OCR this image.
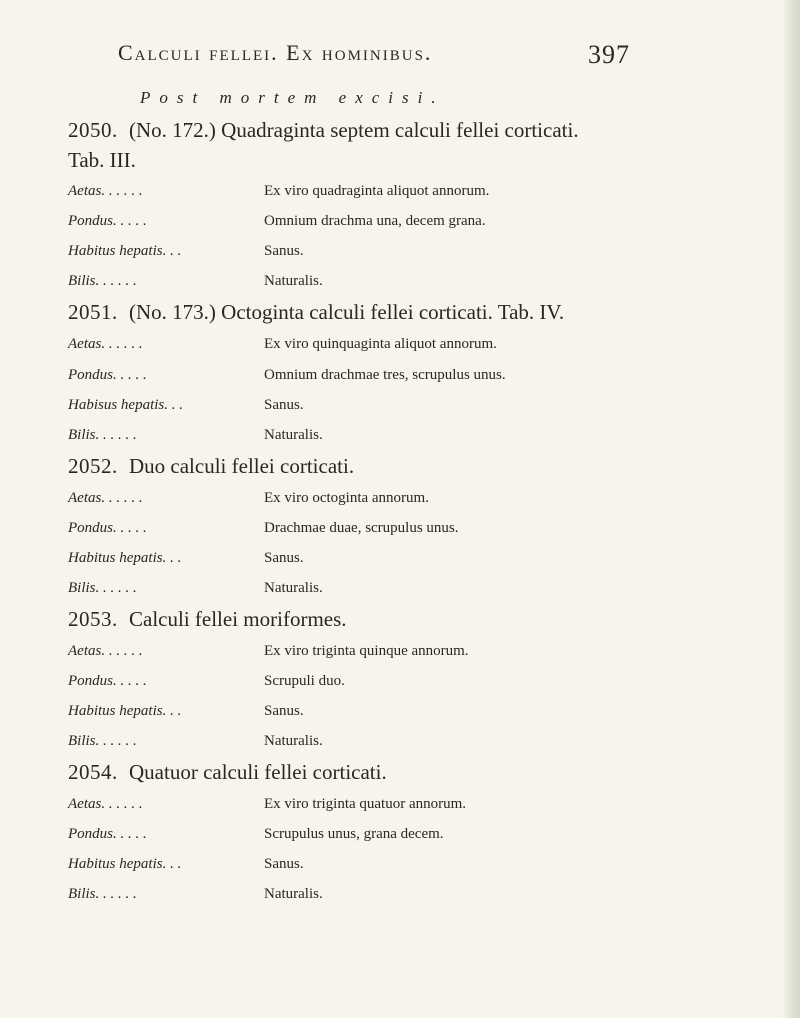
Calculi fellei. Ex hominibus.	397
Post mortem excisi.
2050. (No. 172.) Quadraginta septem calculi fellei corticati.
Tab. III.
Aetas. . . . . .	Ex viro quadraginta aliquot annorum.
Pondus. . . . .	Omnium drachma una, decem grana.
Habitus hepatis. . .	Sanus.
Bilis. . . . . .	Naturalis.
2051. (No. 173.) Octoginta calculi fellei corticati. Tab. IV.
Aetas. . . . . .	Ex viro quinquaginta aliquot annorum.
Pondus. . . . .	Omnium drachmae tres, scrupulus unus.
Habisus hepatis. . .	Sanus.
Bilis. . . . . .	Naturalis.
2052. Duo calculi fellei corticati.
Aetas. . . . . .	Ex viro octoginta annorum.
Pondus. . . . .	Drachmae duae, scrupulus unus.
Habitus hepatis. . .	Sanus.
Bilis. . . . . .	Naturalis.
2053. Calculi fellei moriformes.
Aetas. . . . . .	Ex viro triginta quinque annorum.
Pondus. . . . .	Scrupuli duo.
Habitus hepatis. . .	Sanus.
Bilis. . . . . .	Naturalis.
2054. Quatuor calculi fellei corticati.
Aetas. . . . . .	Ex viro triginta quatuor annorum.
Pondus. . . . .	Scrupulus unus, grana decem.
Habitus hepatis. . .	Sanus.
Bilis. . . . . .	Naturalis.
